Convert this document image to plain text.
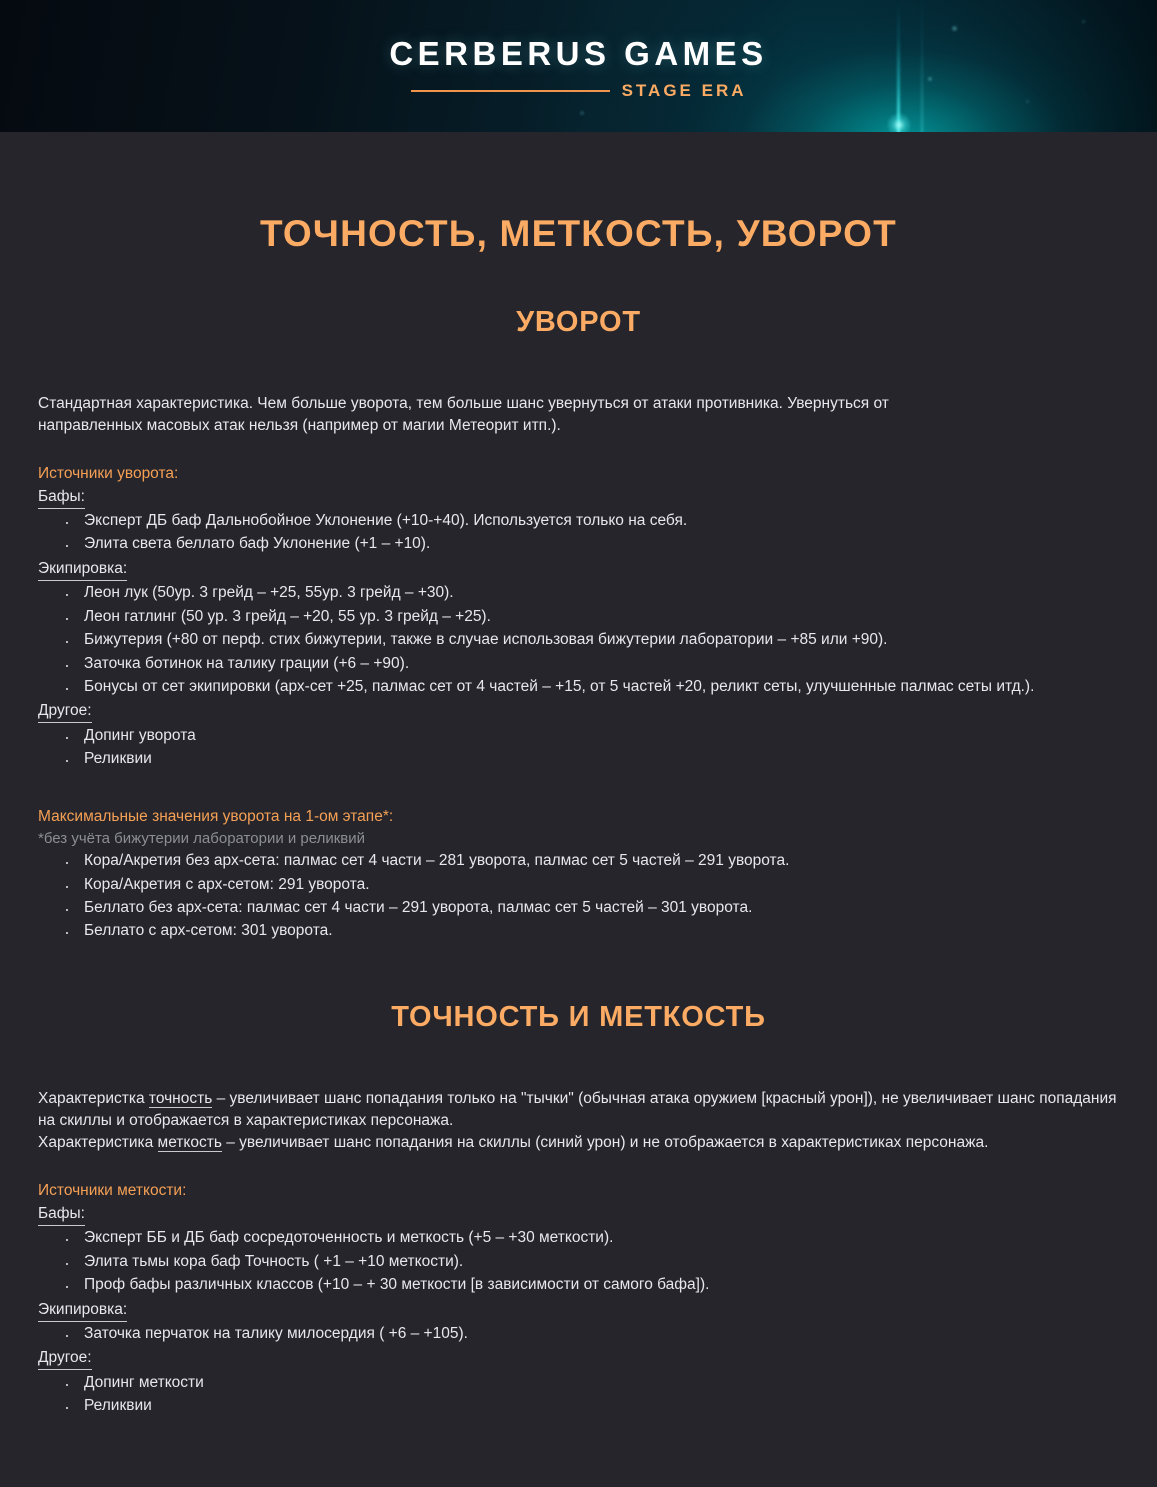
CERBERUS GAMES
STAGE ERA
ТОЧНОСТЬ, МЕТКОСТЬ, УВОРОТ
УВОРОТ

Стандартная характеристика. Чем больше уворота, тем больше шанс увернуться от атаки противника. Увернуться от

направленных масовых атак нельзя (например от магии Метеорит итп.).

Источники уворота:

Бафы:

· Эксперт ДБ баф Дальнобойное Уклонение (+10-+40). Используется только на себя.
· Элита света беллато баф Уклонение (+1 – +10).

Экипировка:

· Леон лук (50ур. 3 грейд – +25, 55ур. 3 грейд – +30).
· Леон гатлинг (50 ур. 3 грейд – +20, 55 ур. 3 грейд – +25).
· Бижутерия (+80 от перф. стих бижутерии, также в случае использовая бижутерии лаборатории – +85 или +90).
· Заточка ботинок на талику грации (+6 – +90).
· Бонусы от сет экипировки (арх-сет +25, палмас сет от 4 частей – +15, от 5 частей +20, реликт сеты, улучшенные палмас сеты итд.).

Другое:

· Допинг уворота
· Реликвии

Максимальные значения уворота на 1-ом этапе*:

*без учёта бижутерии лаборатории и реликвий

· Кора/Акретия без арх-сета: палмас сет 4 части – 281 уворота, палмас сет 5 частей – 291 уворота.
· Кора/Акретия с арх-сетом: 291 уворота.
· Беллато без арх-сета: палмас сет 4 части – 291 уворота, палмас сет 5 частей – 301 уворота.
· Беллато с арх-сетом: 301 уворота.
ТОЧНОСТЬ И МЕТКОСТЬ

Характеристка точность – увеличивает шанс попадания только на "тычки" (обычная атака оружием [красный урон]), не увеличивает шанс попадания на скиллы и отображается в характеристиках персонажа.

Характеристика меткость – увеличивает шанс попадания на скиллы (синий урон) и не отображается в характеристиках персонажа.

Источники меткости:

Бафы:

· Эксперт ББ и ДБ баф сосредоточенность и меткость (+5 – +30 меткости).
· Элита тьмы кора баф Точность ( +1 – +10 меткости).
· Проф бафы различных классов (+10 – + 30 меткости [в зависимости от самого бафа]).

Экипировка:

· Заточка перчаток на талику милосердия ( +6 – +105).

Другое:

· Допинг меткости
· Реликвии
